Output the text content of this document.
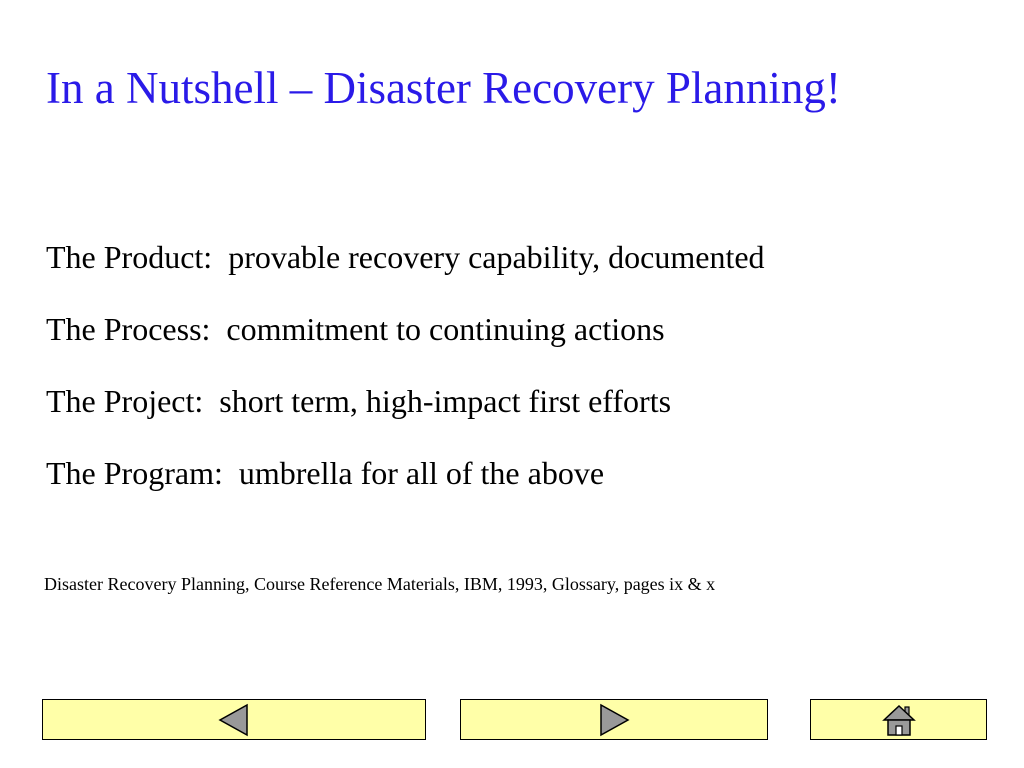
In a Nutshell – Disaster Recovery Planning!

The Product: provable recovery capability, documented

The Process: commitment to continuing actions

The Project: short term, high-impact first efforts

The Program: umbrella for all of the above

Disaster Recovery Planning, Course Reference Materials, IBM, 1993, Glossary, pages ix & x
